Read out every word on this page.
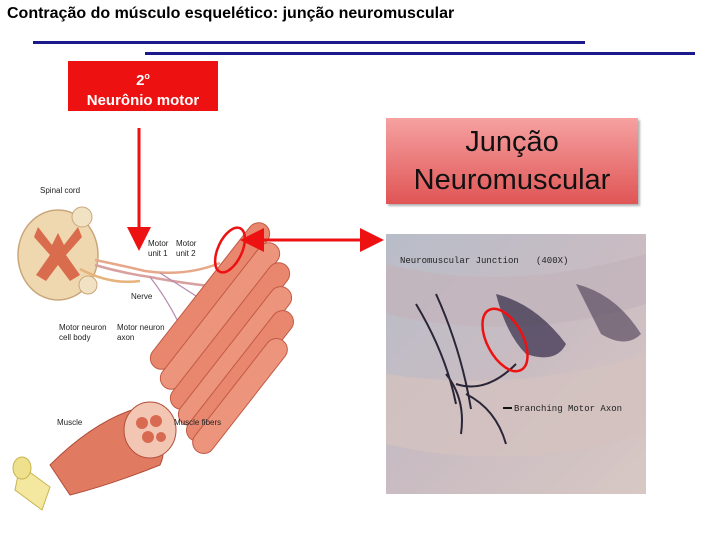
Contração do músculo esquelético: junção neuromuscular
2$^o$
Neurônio motor
Junção
Neuromuscular
Spinal cord
Motor
unit 1
Motor
unit 2
Nerve
Motor neuron
cell body
Motor neuron
axon
Muscle	Muscle fibers
Neuromuscular Junction (400X)
Branching Motor Axon
